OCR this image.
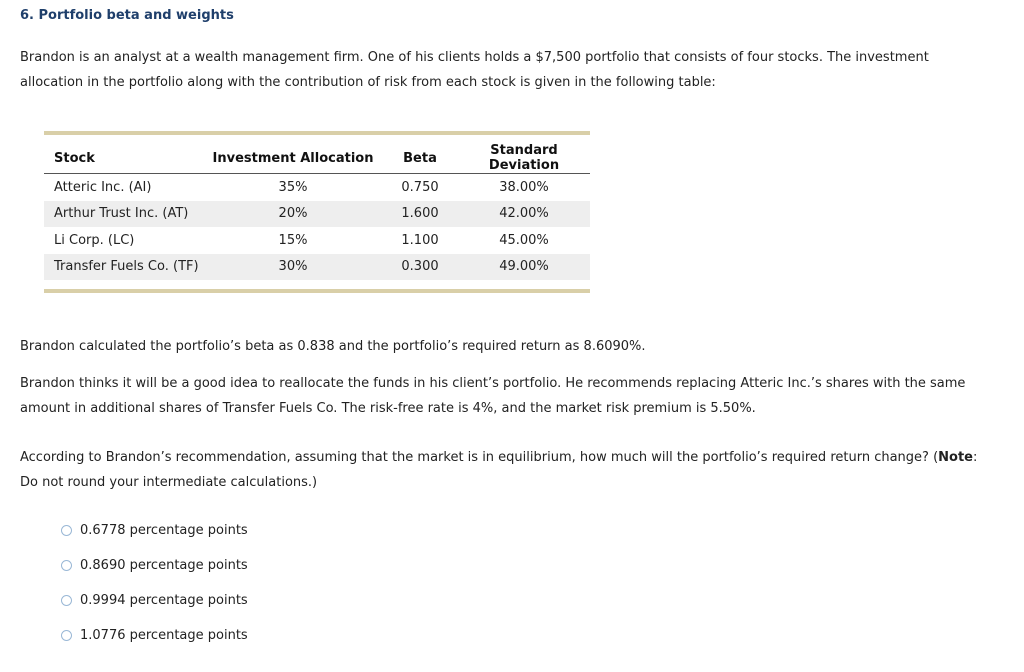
6. Portfolio beta and weights
Brandon is an analyst at a wealth management firm. One of his clients holds a $7,500 portfolio that consists of four stocks. The investment allocation in the portfolio along with the contribution of risk from each stock is given in the following table:
Stock	Investment Allocation	Beta	Standard Deviation
Atteric Inc. (AI)	35%	0.750	38.00%
Arthur Trust Inc. (AT)	20%	1.600	42.00%
Li Corp. (LC)	15%	1.100	45.00%
Transfer Fuels Co. (TF)	30%	0.300	49.00%
Brandon calculated the portfolio’s beta as 0.838 and the portfolio’s required return as 8.6090%.
Brandon thinks it will be a good idea to reallocate the funds in his client’s portfolio. He recommends replacing Atteric Inc.’s shares with the same amount in additional shares of Transfer Fuels Co. The risk-free rate is 4%, and the market risk premium is 5.50%.
According to Brandon’s recommendation, assuming that the market is in equilibrium, how much will the portfolio’s required return change? (Note: Do not round your intermediate calculations.)
0.6778 percentage points
0.8690 percentage points
0.9994 percentage points
1.0776 percentage points
